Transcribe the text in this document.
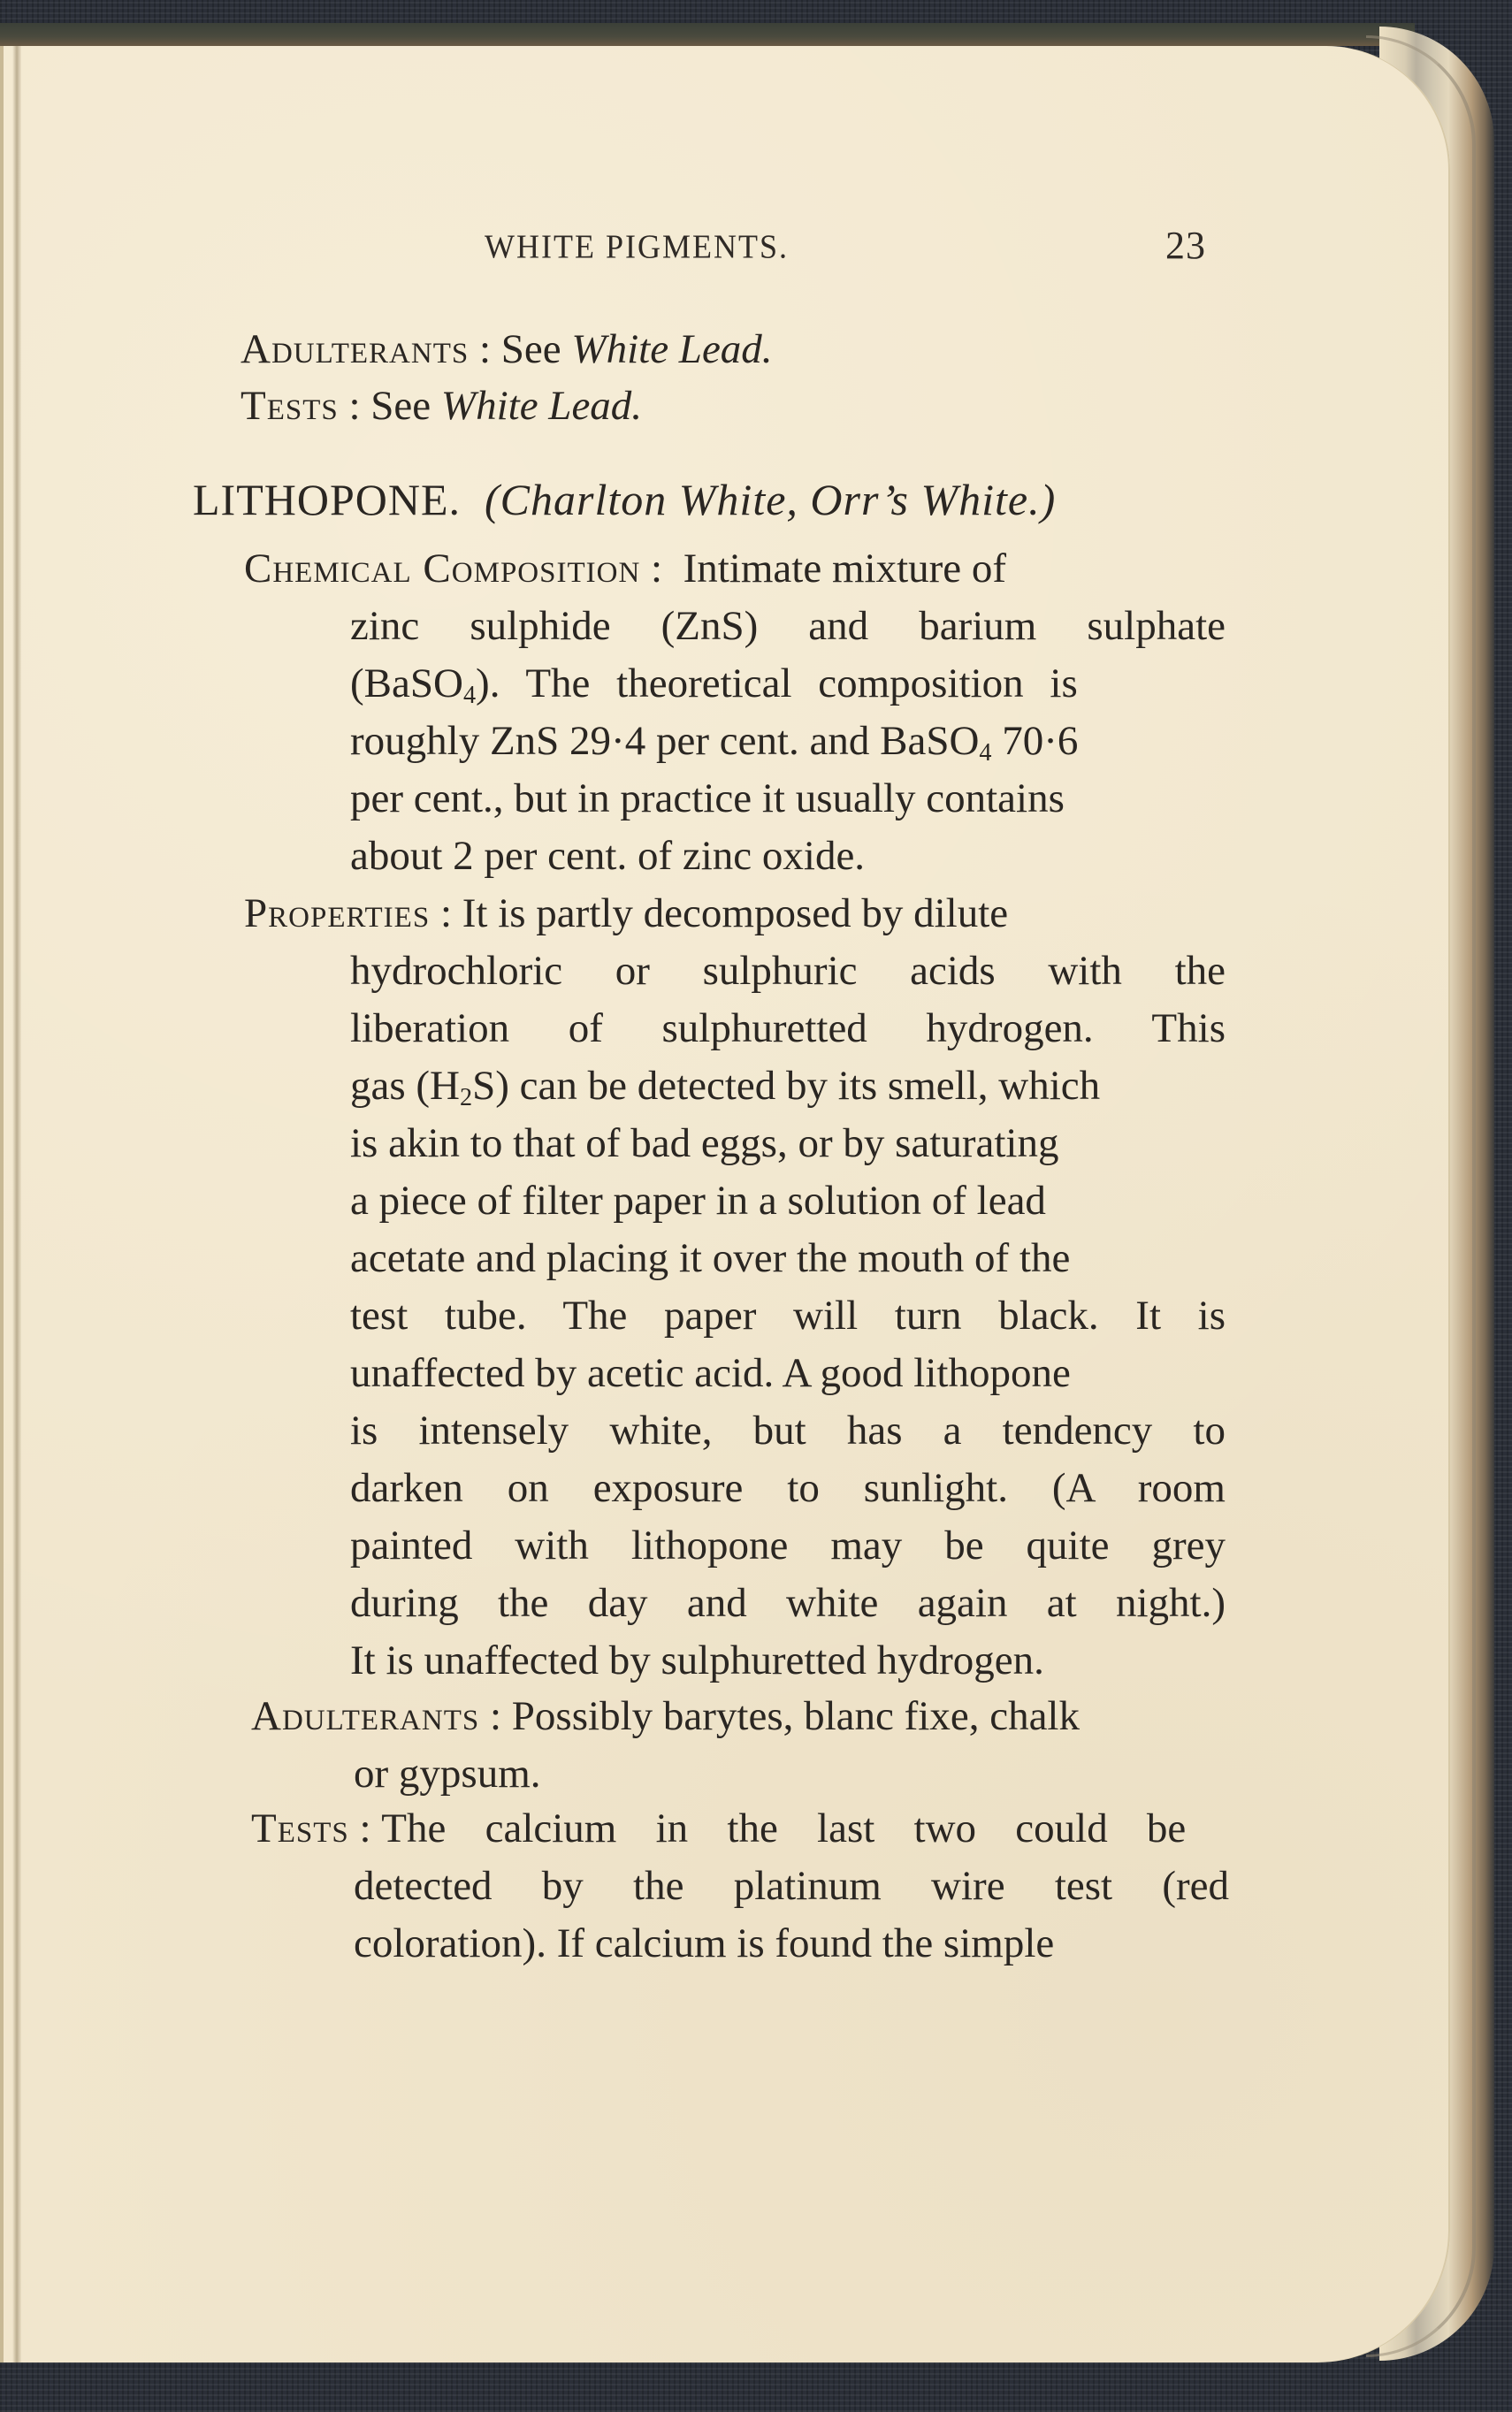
WHITE PIGMENTS.	23
Adulterants : See White Lead.
Tests : See White Lead.
LITHOPONE. (Charlton White, Orr’s White.)
Chemical Composition :  Intimate mixture of
zinc sulphide (ZnS) and barium sulphate
(BaSO$_4$). The theoretical composition is
roughly ZnS 29·4 per cent. and BaSO$_4$ 70·6
per cent., but in practice it usually contains
about 2 per cent. of zinc oxide.
Properties : It is partly decomposed by dilute
hydrochloric or sulphuric acids with the
liberation of sulphuretted hydrogen. This
gas $(H_2S)$ can be detected by its smell, which
is akin to that of bad eggs, or by saturating
a piece of filter paper in a solution of lead
acetate and placing it over the mouth of the
test tube. The paper will turn black. It is
unaffected by acetic acid. A good lithopone
is intensely white, but has a tendency to
darken on exposure to sunlight. (A room
painted with lithopone may be quite grey
during the day and white again at night.)
It is unaffected by sulphuretted hydrogen.
Adulterants : Possibly barytes, blanc fixe, chalk
or gypsum.
Tests : The calcium in the last two could be
detected by the platinum wire test (red
coloration). If calcium is found the simple
